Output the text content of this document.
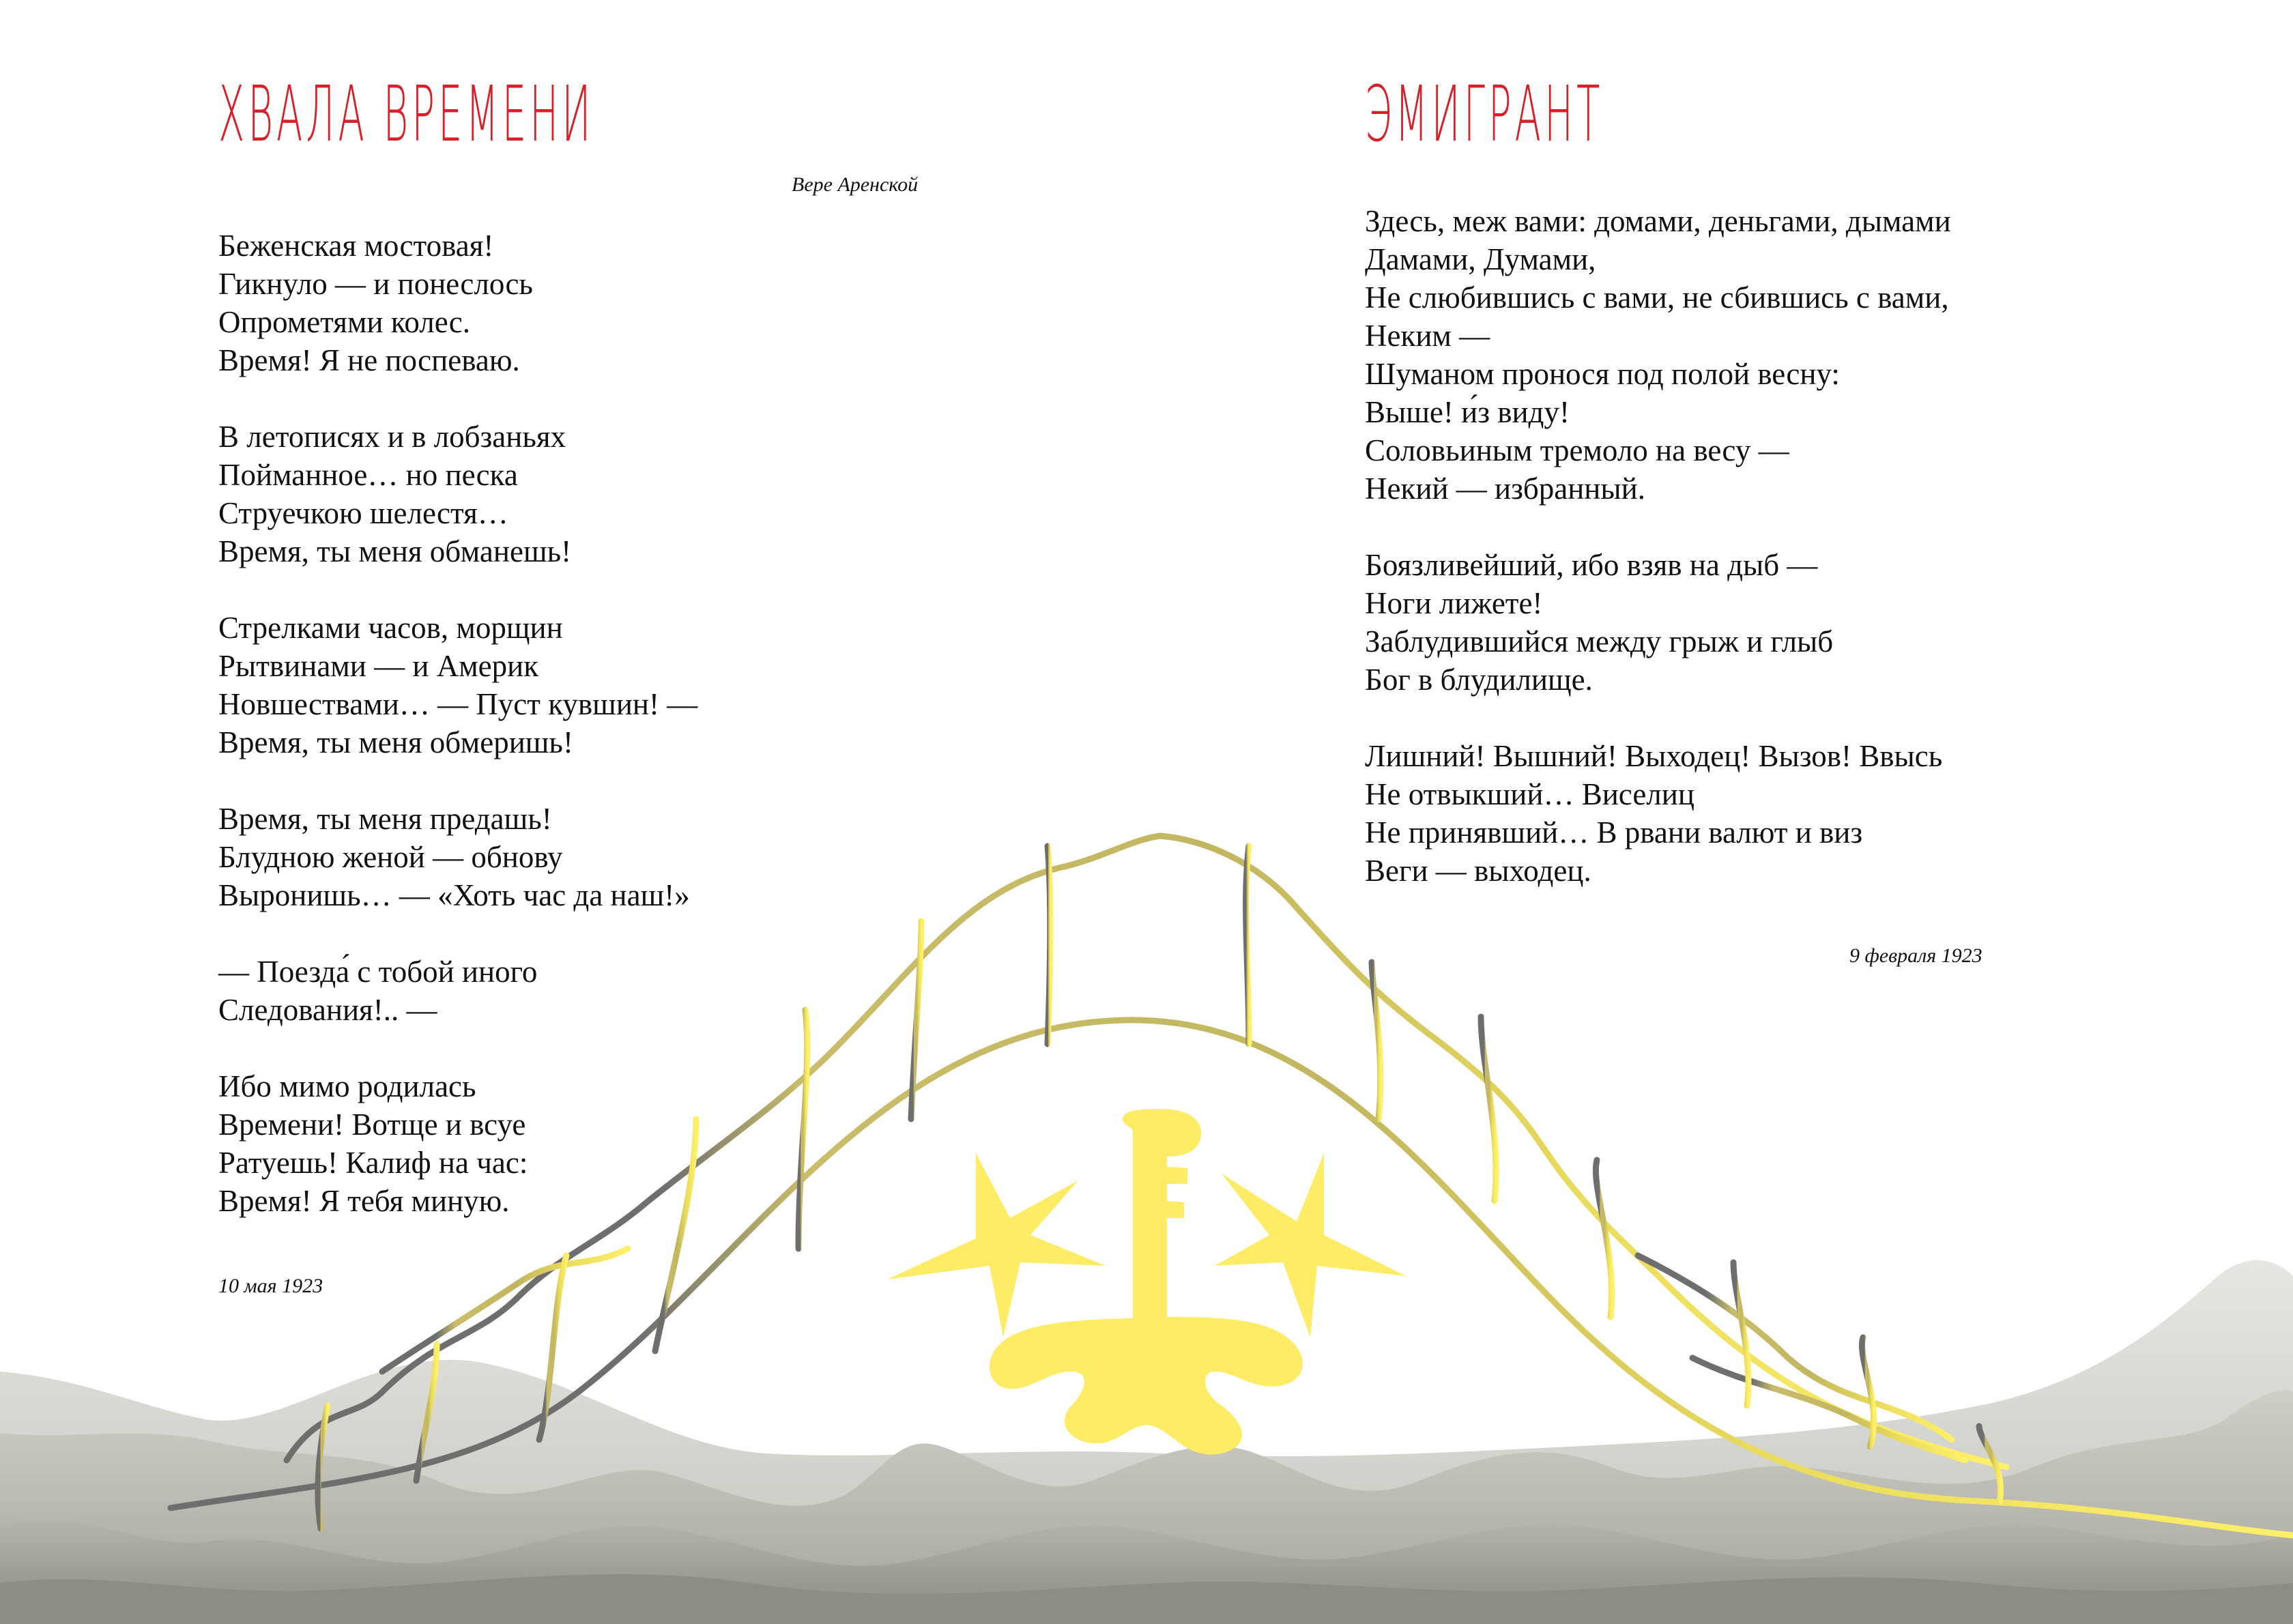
ХВАЛА ВРЕМЕНИ
Вере Аренской
Беженская мостовая!
Гикнуло — и понеслось
Опрометями колес.
Время! Я не поспеваю.
В летописях и в лобзаньях
Пойманное… но песка
Струечкою шелестя…
Время, ты меня обманешь!
Стрелками часов, морщин
Рытвинами — и Америк
Новшествами… — Пуст кувшин! —
Время, ты меня обмеришь!
Время, ты меня предашь!
Блудною женой — обнову
Выронишь… — «Хоть час да наш!»
— Поезда́ с тобой иного
Следования!.. —
Ибо мимо родилась
Времени! Вотще и всуе
Ратуешь! Калиф на час:
Время! Я тебя миную.
10 мая 1923
ЭМИГРАНТ
Здесь, меж вами: домами, деньгами, дымами
Дамами, Думами,
Не слюбившись с вами, не сбившись с вами,
Неким —
Шуманом пронося под полой весну:
Выше! и́з виду!
Соловьиным тремоло на весу —
Некий — избранный.
Боязливейший, ибо взяв на дыб —
Ноги лижете!
Заблудившийся между грыж и глыб
Бог в блудилище.
Лишний! Вышний! Выходец! Вызов! Ввысь
Не отвыкший… Виселиц
Не принявший… В рвани валют и виз
Веги — выходец.
9 февраля 1923
